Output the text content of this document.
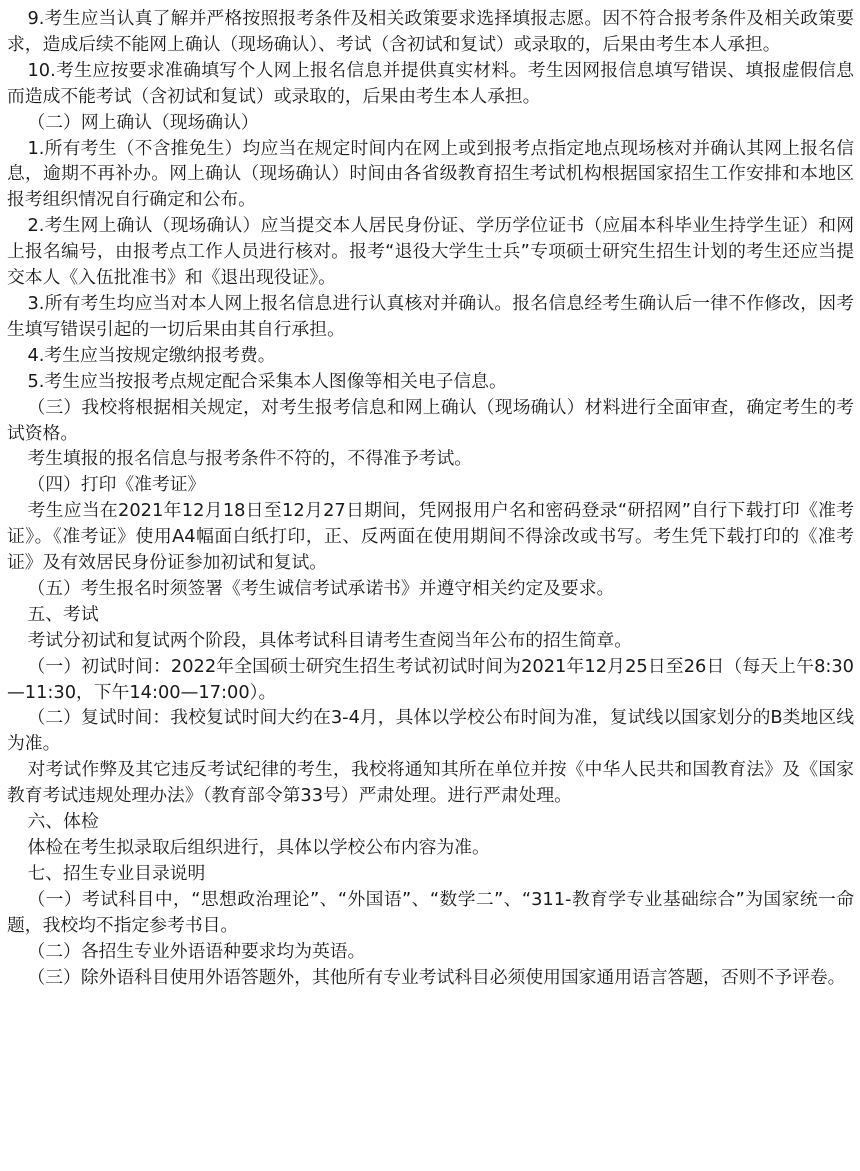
9.考生应当认真了解并严格按照报考条件及相关政策要求选择填报志愿。因不符合报考条件及相关政策要求，造成后续不能网上确认（现场确认）、考试（含初试和复试）或录取的，后果由考生本人承担。

10.考生应按要求准确填写个人网上报名信息并提供真实材料。考生因网报信息填写错误、填报虚假信息而造成不能考试（含初试和复试）或录取的，后果由考生本人承担。

（二）网上确认（现场确认）

1.所有考生（不含推免生）均应当在规定时间内在网上或到报考点指定地点现场核对并确认其网上报名信息，逾期不再补办。网上确认（现场确认）时间由各省级教育招生考试机构根据国家招生工作安排和本地区报考组织情况自行确定和公布。

2.考生网上确认（现场确认）应当提交本人居民身份证、学历学位证书（应届本科毕业生持学生证）和网上报名编号，由报考点工作人员进行核对。报考“退役大学生士兵”专项硕士研究生招生计划的考生还应当提交本人《入伍批准书》和《退出现役证》。

3.所有考生均应当对本人网上报名信息进行认真核对并确认。报名信息经考生确认后一律不作修改，因考生填写错误引起的一切后果由其自行承担。

4.考生应当按规定缴纳报考费。

5.考生应当按报考点规定配合采集本人图像等相关电子信息。

（三）我校将根据相关规定，对考生报考信息和网上确认（现场确认）材料进行全面审查，确定考生的考试资格。

考生填报的报名信息与报考条件不符的，不得准予考试。

（四）打印《准考证》

考生应当在2021年12月18日至12月27日期间，凭网报用户名和密码登录“研招网”自行下载打印《准考证》。《准考证》使用A4幅面白纸打印，正、反两面在使用期间不得涂改或书写。考生凭下载打印的《准考证》及有效居民身份证参加初试和复试。

（五）考生报名时须签署《考生诚信考试承诺书》并遵守相关约定及要求。

五、考试

考试分初试和复试两个阶段，具体考试科目请考生查阅当年公布的招生简章。

（一）初试时间：2022年全国硕士研究生招生考试初试时间为2021年12月25日至26日（每天上午8:30—11:30，下午14:00—17:00）。

（二）复试时间：我校复试时间大约在3-4月，具体以学校公布时间为准，复试线以国家划分的B类地区线为准。

对考试作弊及其它违反考试纪律的考生，我校将通知其所在单位并按《中华人民共和国教育法》及《国家教育考试违规处理办法》（教育部令第33号）严肃处理。进行严肃处理。

六、体检

体检在考生拟录取后组织进行，具体以学校公布内容为准。

七、招生专业目录说明

（一）考试科目中，“思想政治理论”、“外国语”、“数学二”、“311-教育学专业基础综合”为国家统一命题，我校均不指定参考书目。

（二）各招生专业外语语种要求均为英语。

（三）除外语科目使用外语答题外，其他所有专业考试科目必须使用国家通用语言答题，否则不予评卷。
